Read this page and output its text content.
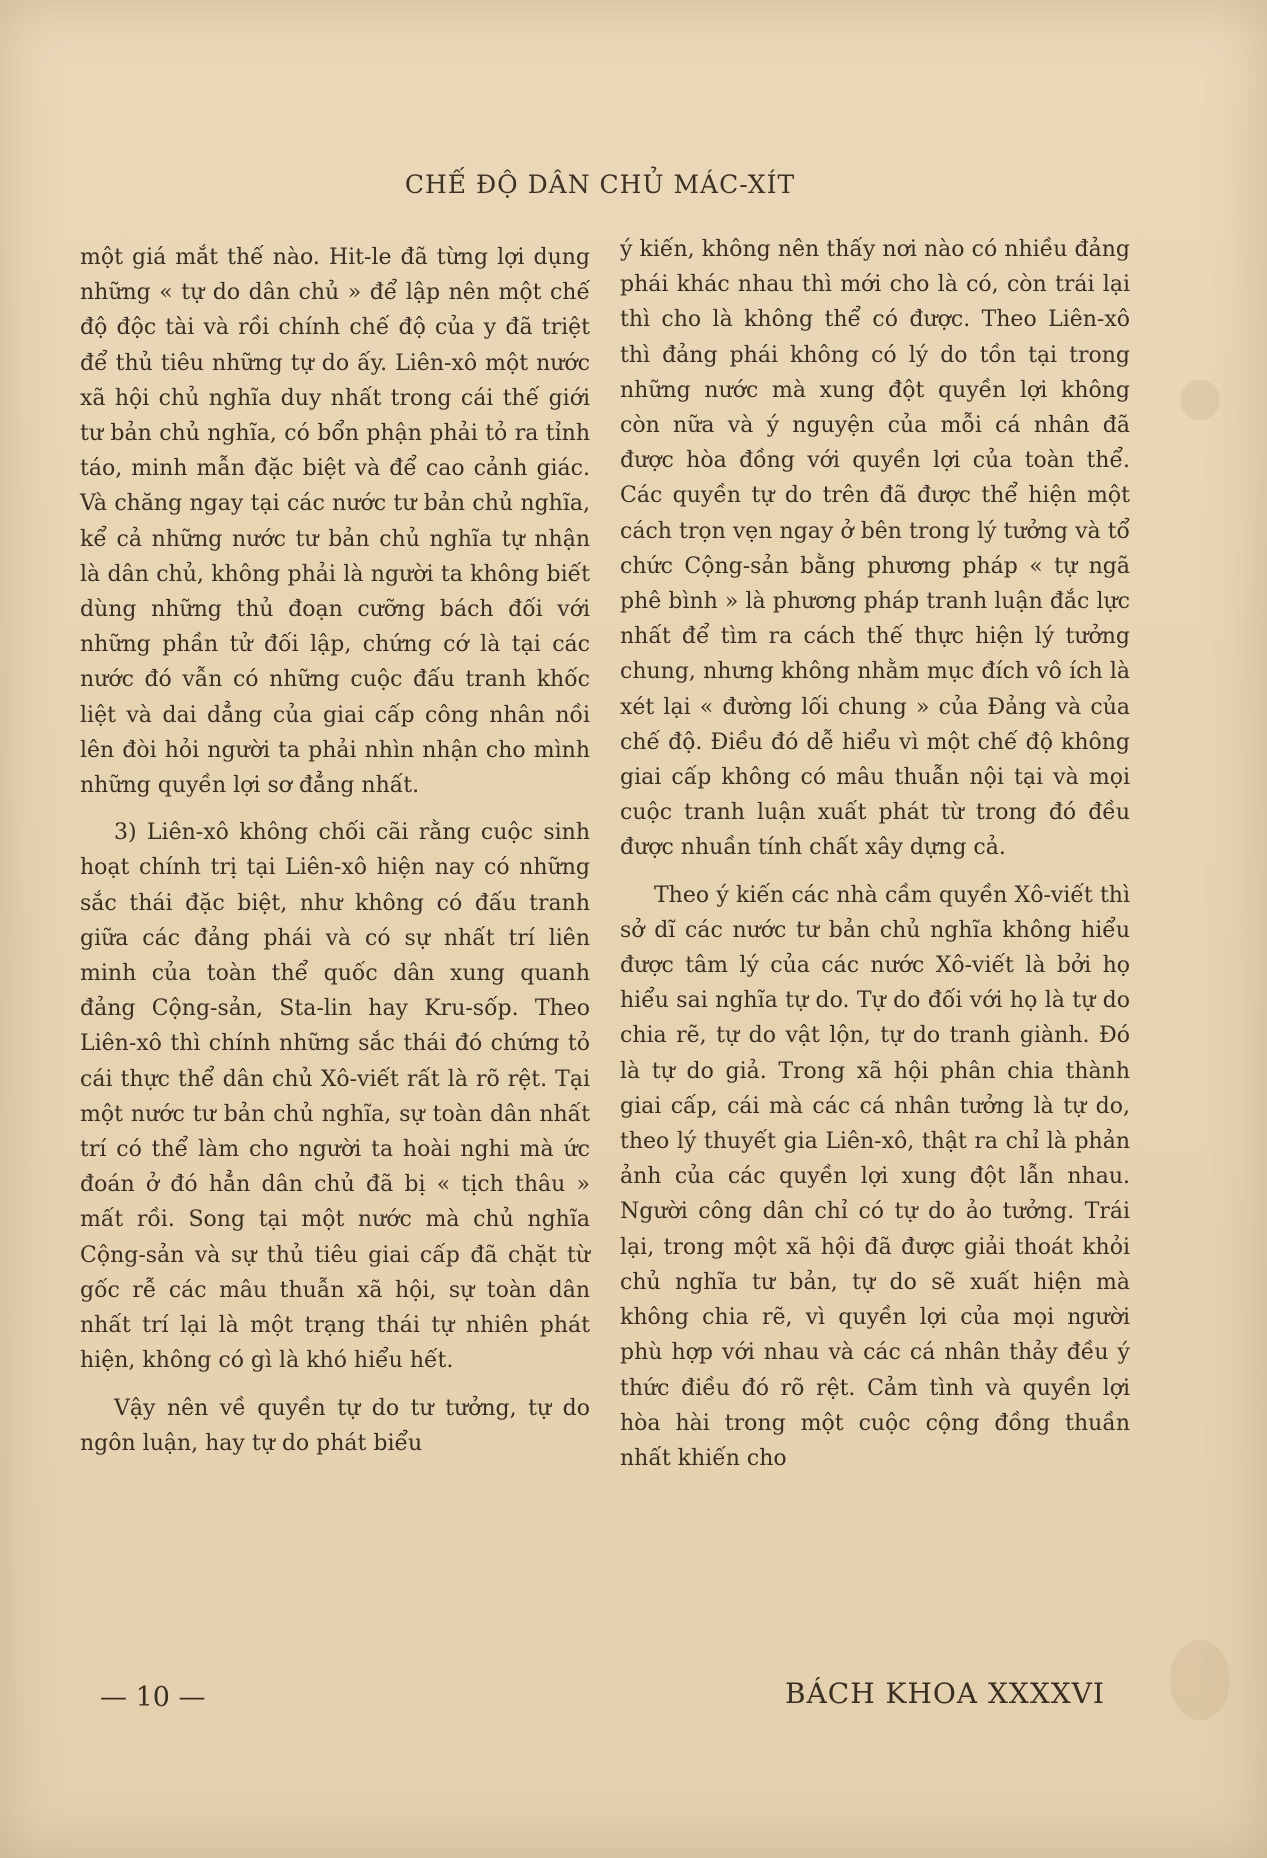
CHẾ ĐỘ DÂN CHỦ MÁC-XÍT

một giá mắt thế nào. Hit-le đã từng lợi dụng những « tự do dân chủ » để lập nên một chế độ độc tài và rồi chính chế độ của y đã triệt để thủ tiêu những tự do ấy. Liên-xô một nước xã hội chủ nghĩa duy nhất trong cái thế giới tư bản chủ nghĩa, có bổn phận phải tỏ ra tỉnh táo, minh mẫn đặc biệt và để cao cảnh giác. Và chăng ngay tại các nước tư bản chủ nghĩa, kể cả những nước tư bản chủ nghĩa tự nhận là dân chủ, không phải là người ta không biết dùng những thủ đoạn cưỡng bách đối với những phần tử đối lập, chứng cớ là tại các nước đó vẫn có những cuộc đấu tranh khốc liệt và dai dẳng của giai cấp công nhân nồi lên đòi hỏi người ta phải nhìn nhận cho mình những quyền lợi sơ đẳng nhất.

3) Liên-xô không chối cãi rằng cuộc sinh hoạt chính trị tại Liên-xô hiện nay có những sắc thái đặc biệt, như không có đấu tranh giữa các đảng phái và có sự nhất trí liên minh của toàn thể quốc dân xung quanh đảng Cộng-sản, Sta-lin hay Kru-sốp. Theo Liên-xô thì chính những sắc thái đó chứng tỏ cái thực thể dân chủ Xô-viết rất là rõ rệt. Tại một nước tư bản chủ nghĩa, sự toàn dân nhất trí có thể làm cho người ta hoài nghi mà ức đoán ở đó hẳn dân chủ đã bị « tịch thâu » mất rồi. Song tại một nước mà chủ nghĩa Cộng-sản và sự thủ tiêu giai cấp đã chặt từ gốc rễ các mâu thuẫn xã hội, sự toàn dân nhất trí lại là một trạng thái tự nhiên phát hiện, không có gì là khó hiểu hết.

Vậy nên về quyền tự do tư tưởng, tự do ngôn luận, hay tự do phát biểu

ý kiến, không nên thấy nơi nào có nhiều đảng phái khác nhau thì mới cho là có, còn trái lại thì cho là không thể có được. Theo Liên-xô thì đảng phái không có lý do tồn tại trong những nước mà xung đột quyền lợi không còn nữa và ý nguyện của mỗi cá nhân đã được hòa đồng với quyền lợi của toàn thể. Các quyền tự do trên đã được thể hiện một cách trọn vẹn ngay ở bên trong lý tưởng và tổ chức Cộng-sản bằng phương pháp « tự ngã phê bình » là phương pháp tranh luận đắc lực nhất để tìm ra cách thế thực hiện lý tưởng chung, nhưng không nhằm mục đích vô ích là xét lại « đường lối chung » của Đảng và của chế độ. Điều đó dễ hiểu vì một chế độ không giai cấp không có mâu thuẫn nội tại và mọi cuộc tranh luận xuất phát từ trong đó đều được nhuần tính chất xây dựng cả.

Theo ý kiến các nhà cầm quyền Xô-viết thì sở dĩ các nước tư bản chủ nghĩa không hiểu được tâm lý của các nước Xô-viết là bởi họ hiểu sai nghĩa tự do. Tự do đối với họ là tự do chia rẽ, tự do vật lộn, tự do tranh giành. Đó là tự do giả. Trong xã hội phân chia thành giai cấp, cái mà các cá nhân tưởng là tự do, theo lý thuyết gia Liên-xô, thật ra chỉ là phản ảnh của các quyền lợi xung đột lẫn nhau. Người công dân chỉ có tự do ảo tưởng. Trái lại, trong một xã hội đã được giải thoát khỏi chủ nghĩa tư bản, tự do sẽ xuất hiện mà không chia rẽ, vì quyền lợi của mọi người phù hợp với nhau và các cá nhân thảy đều ý thức điều đó rõ rệt. Cảm tình và quyền lợi hòa hài trong một cuộc cộng đồng thuần nhất khiến cho

— 10 —	BÁCH KHOA XXXXVI
